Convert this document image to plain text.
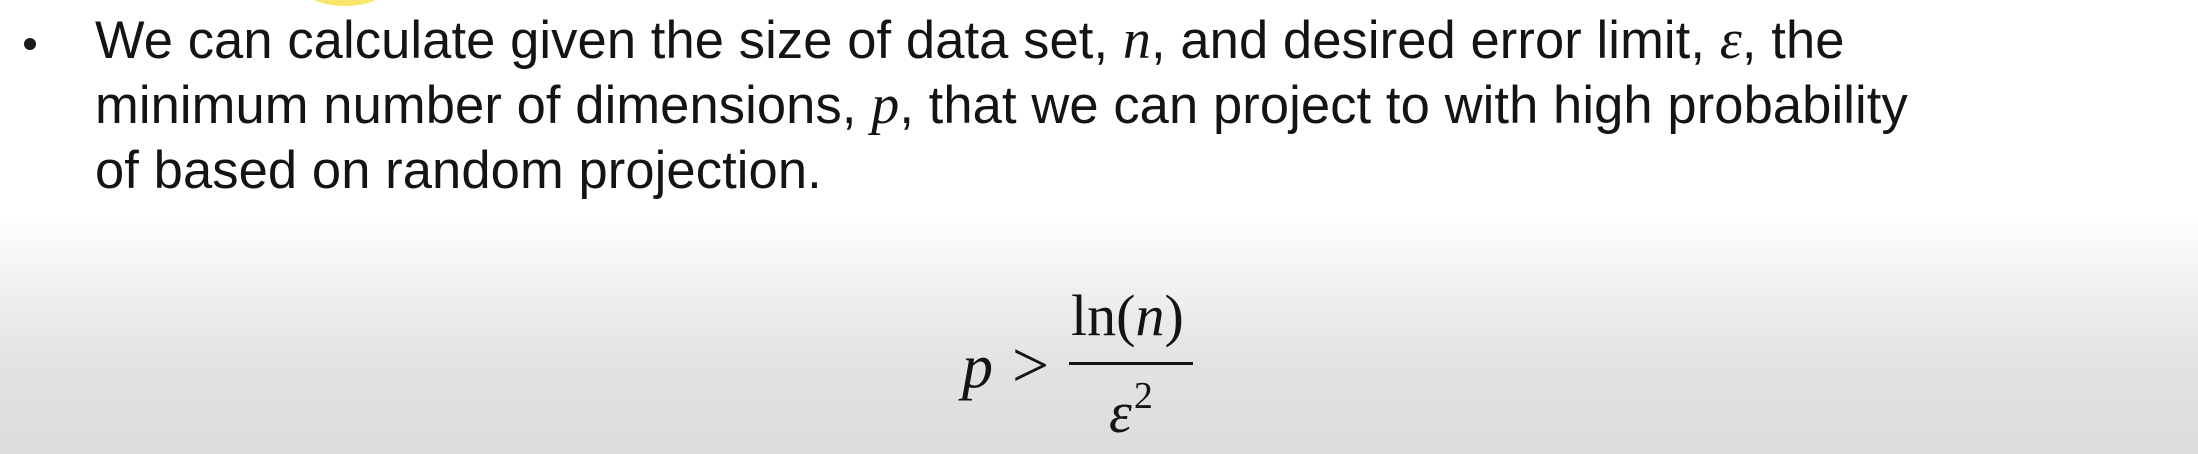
We can calculate given the size of data set, n, and desired error limit, ε, the
minimum number of dimensions, p, that we can project to with high probability
of based on random projection.
p >
ln(n)
$\varepsilon^2$
